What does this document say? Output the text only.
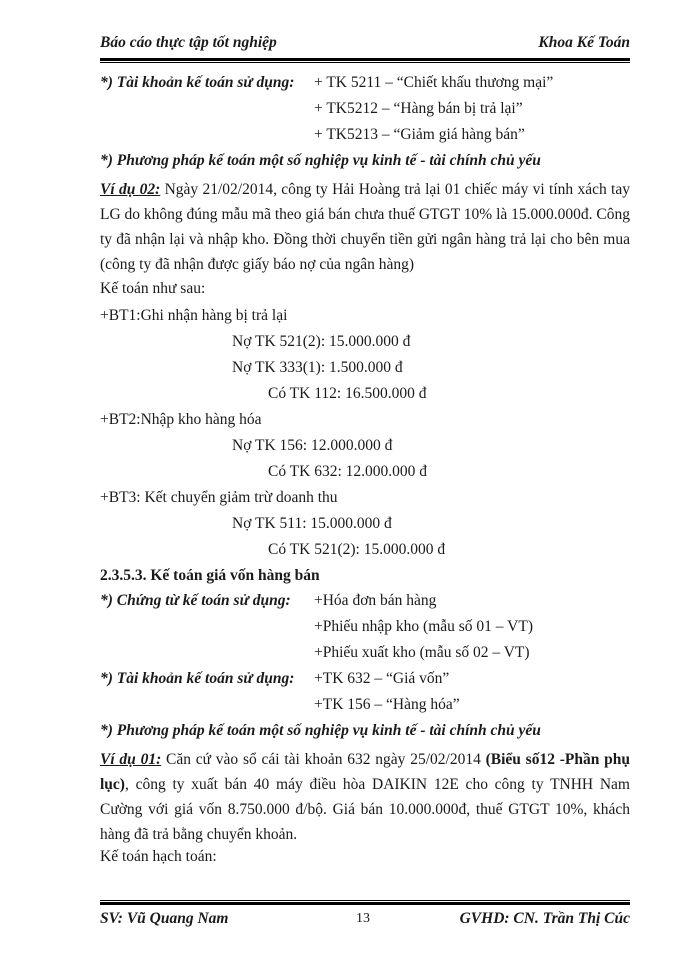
Báo cáo thực tập tốt nghiệp	Khoa Kế Toán
*) Tài khoản kế toán sử dụng: + TK 5211 – “Chiết khấu thương mại”
+ TK5212 – “Hàng bán bị trả lại”
+ TK5213 – “Giảm giá hàng bán”
*) Phương pháp kế toán một số nghiệp vụ kinh tế - tài chính chủ yếu
Ví dụ 02: Ngày 21/02/2014, công ty Hải Hoàng trả lại 01 chiếc máy vi tính xách tay LG do không đúng mẫu mã theo giá bán chưa thuế GTGT 10% là 15.000.000đ. Công ty đã nhận lại và nhập kho. Đồng thời chuyển tiền gửi ngân hàng trả lại cho bên mua (công ty đã nhận được giấy báo nợ của ngân hàng)
Kế toán như sau:
+BT1:Ghi nhận hàng bị trả lại
Nợ TK 521(2): 15.000.000 đ
Nợ TK 333(1): 1.500.000 đ
Có TK 112: 16.500.000 đ
+BT2:Nhập kho hàng hóa
Nợ TK 156: 12.000.000 đ
Có TK 632: 12.000.000 đ
+BT3: Kết chuyển giảm trừ doanh thu
Nợ TK 511: 15.000.000 đ
Có TK 521(2): 15.000.000 đ
2.3.5.3. Kế toán giá vốn hàng bán
*) Chứng từ kế toán sử dụng: +Hóa đơn bán hàng
+Phiếu nhập kho (mẫu số 01 – VT)
+Phiếu xuất kho (mẫu số 02 – VT)
*) Tài khoản kế toán sử dụng: +TK 632 – “Giá vốn”
+TK 156 – “Hàng hóa”
*) Phương pháp kế toán một số nghiệp vụ kinh tế - tài chính chủ yếu
Ví dụ 01: Căn cứ vào sổ cái tài khoản 632 ngày 25/02/2014 (Biểu số12 -Phần phụ lục), công ty xuất bán 40 máy điều hòa DAIKIN 12E cho công ty TNHH Nam Cường với giá vốn 8.750.000 đ/bộ. Giá bán 10.000.000đ, thuế GTGT 10%, khách hàng đã trả bằng chuyển khoản.
Kế toán hạch toán:
SV: Vũ Quang Nam	13	GVHD: CN. Trần Thị Cúc
